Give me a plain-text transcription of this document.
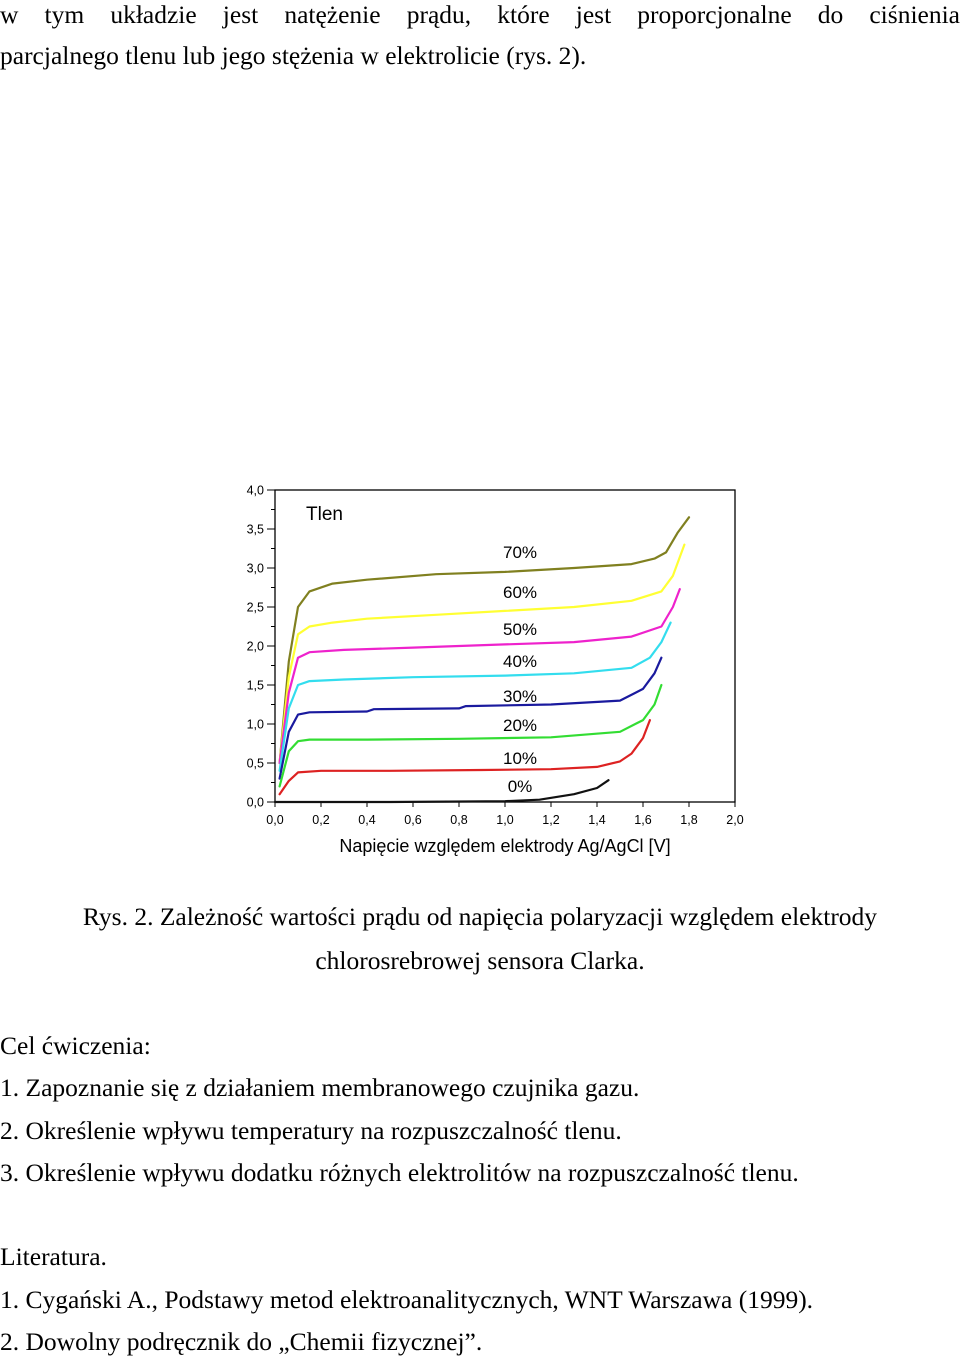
w tym układzie jest natężenie prądu, które jest proporcjonalne do ciśnienia
parcjalnego tlenu lub jego stężenia w elektrolicie (rys. 2).
0,0
0,5
1,0
1,5
2,0
2,5
3,0
3,5
4,0
0,0 0,2 0,4 0,6 0,8 1,0 1,2 1,4 1,6 1,8 2,0
70%
60%
50%
40%
30%
20%
10%
0%
Tlen
Napięcie względem elektrody Ag/AgCl [V]
Rys. 2. Zależność wartości prądu od napięcia polaryzacji względem elektrody
chlorosrebrowej sensora Clarka.
Cel ćwiczenia:
1. Zapoznanie się z działaniem membranowego czujnika gazu.
2. Określenie wpływu temperatury na rozpuszczalność tlenu.
3. Określenie wpływu dodatku różnych elektrolitów na rozpuszczalność tlenu.
Literatura.
1. Cygański A., Podstawy metod elektroanalitycznych, WNT Warszawa (1999).
2. Dowolny podręcznik do „Chemii fizycznej”.
